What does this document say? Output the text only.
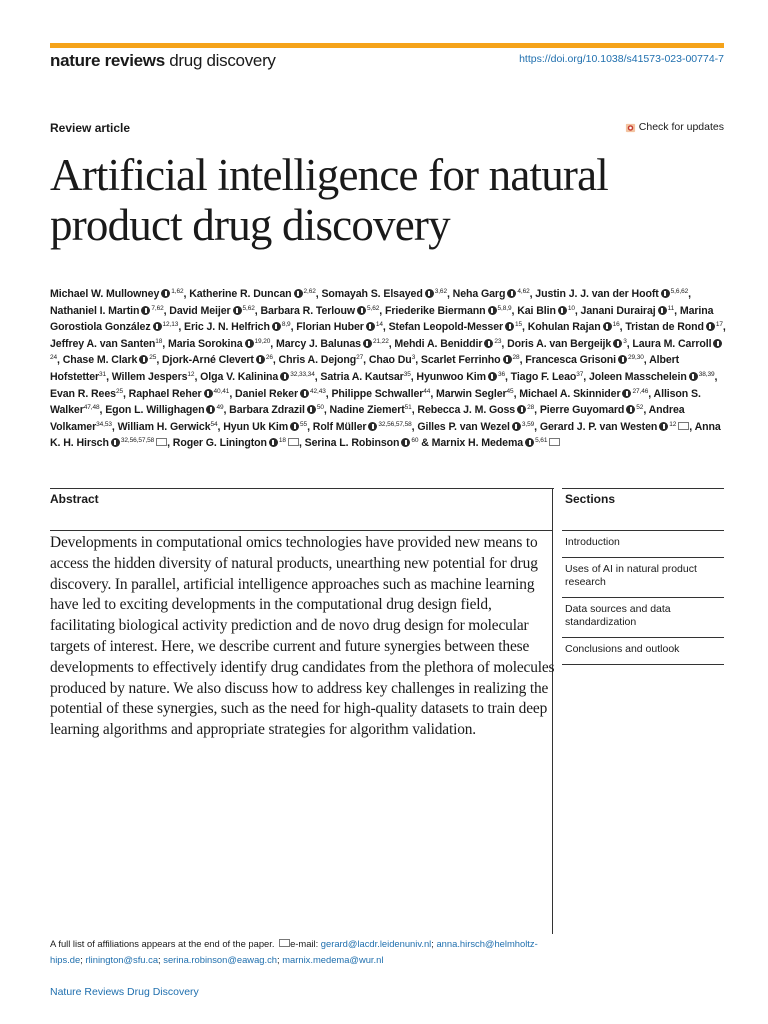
nature reviews drug discovery	https://doi.org/10.1038/s41573-023-00774-7
Review article	Check for updates
Artificial intelligence for natural product drug discovery
Michael W. Mullowney $^{1,62}$, Katherine R. Duncan $^{2,62}$, Somayah S. Elsayed $^{3,62}$, Neha Garg $^{4,62}$, Justin J. J. van der Hooft $^{5,6,62}$, Nathaniel I. Martin $^{7,62}$, David Meijer $^{5,62}$, Barbara R. Terlouw $^{5,62}$, Friederike Biermann $^{5,8,9}$, Kai Blin $^{10}$, Janani Durairaj $^{11}$, Marina Gorostiola González $^{12,13}$, Eric J. N. Helfrich $^{8,9}$, Florian Huber $^{14}$, Stefan Leopold-Messer $^{15}$, Kohulan Rajan $^{16}$, Tristan de Rond $^{17}$, Jeffrey A. van Santen$^{18}$, Maria Sorokina $^{19,20}$, Marcy J. Balunas $^{21,22}$, Mehdi A. Beniddir $^{23}$, Doris A. van Bergeijk $^3$, Laura M. Carroll$^{24}$, Chase M. Clark $^{25}$, Djork-Arné Clevert $^{26}$, Chris A. Dejong$^{27}$, Chao Du$^3$, Scarlet Ferrinho $^{28}$, Francesca Grisoni $^{29,30}$, Albert Hofstetter$^{31}$, Willem Jespers$^{12}$, Olga V. Kalinina $^{32,33,34}$, Satria A. Kautsar$^{35}$, Hyunwoo Kim $^{36}$, Tiago F. Leao$^{37}$, Joleen Masschelein $^{38,39}$, Evan R. Rees$^{25}$, Raphael Reher $^{40,41}$, Daniel Reker $^{42,43}$, Philippe Schwaller$^{44}$, Marwin Segler$^{45}$, Michael A. Skinnider $^{27,46}$, Allison S. Walker$^{47,48}$, Egon L. Willighagen $^{49}$, Barbara Zdrazil $^{50}$, Nadine Ziemert$^{51}$, Rebecca J. M. Goss $^{28}$, Pierre Guyomard $^{52}$, Andrea Volkamer$^{34,53}$, William H. Gerwick$^{54}$, Hyun Uk Kim $^{55}$, Rolf Müller $^{32,56,57,58}$, Gilles P. van Wezel $^{3,59}$, Gerard J. P. van Westen $^{12}$ , Anna K. H. Hirsch $^{32,56,57,58}$ , Roger G. Linington $^{18}$ , Serina L. Robinson $^{60}$ & Marnix H. Medema $^{5,61}$
Abstract	Sections

Developments in computational omics technologies have provided new means to access the hidden diversity of natural products, unearthing new potential for drug discovery. In parallel, artificial intelligence approaches such as machine learning have led to exciting developments in the computational drug design field, facilitating biological activity prediction and de novo drug design for molecular targets of interest. Here, we describe current and future synergies between these developments to effectively identify drug candidates from the plethora of molecules produced by nature. We also discuss how to address key challenges in realizing the potential of these synergies, such as the need for high-quality datasets to train deep learning algorithms and appropriate strategies for algorithm validation.

Introduction
Uses of AI in natural product research
Data sources and data standardization
Conclusions and outlook
A full list of affiliations appears at the end of the paper. e-mail: gerard@lacdr.leidenuniv.nl; anna.hirsch@helmholtz-hips.de; rlinington@sfu.ca; serina.robinson@eawag.ch; marnix.medema@wur.nl
Nature Reviews Drug Discovery
